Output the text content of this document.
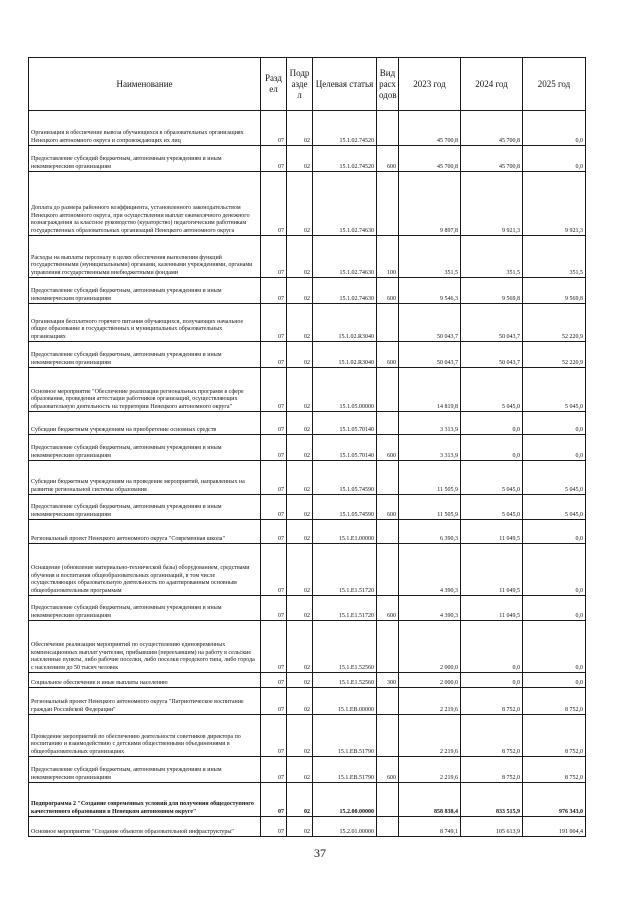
Наименование	Разд ел	Подр азде л	Целевая статья	Вид расх одов	2023 год	2024 год	2025 год
Организация и обеспечение вывоза обучающихся в образовательных организациях Ненецкого автономного округа и сопровождающих их лиц	07	02	15.1.02.74520		45 700,8	45 700,8	0,0
Предоставление субсидий бюджетным, автономным учреждениям и иным некоммерческим организациям	07	02	15.1.02.74520	600	45 700,8	45 700,8	0,0
Доплата до размера районного коэффициента, установленного законодательством Ненецкого автономного округа, при осуществлении выплат ежемесячного денежного вознаграждения за классное руководство (кураторство) педагогическим работникам государственных образовательных организаций Ненецкого автономного округа	07	02	15.1.02.74630		9 897,8	9 921,3	9 921,3
Расходы на выплаты персоналу в целях обеспечения выполнения функций государственными (муниципальными) органами, казенными учреждениями, органами управления государственными внебюджетными фондами	07	02	15.1.02.74630	100	351,5	351,5	351,5
Предоставление субсидий бюджетным, автономным учреждениям и иным некоммерческим организациям	07	02	15.1.02.74630	600	9 546,3	9 569,8	9 569,8
Организация бесплатного горячего питания обучающихся, получающих начальное общее образование в государственных и муниципальных образовательных организациях	07	02	15.1.02.R3040		50 043,7	50 043,7	52 220,9
Предоставление субсидий бюджетным, автономным учреждениям и иным некоммерческим организациям	07	02	15.1.02.R3040	600	50 043,7	50 043,7	52 220,9
Основное мероприятие "Обеспечение реализации региональных программ в сфере образования, проведения аттестации работников организаций, осуществляющих образовательную деятельность на территории Ненецкого автономного округа"	07	02	15.1.05.00000		14 819,8	5 045,0	5 045,0
Субсидии бюджетным учреждениям на приобретение основных средств	07	02	15.1.05.70140		3 313,9	0,0	0,0
Предоставление субсидий бюджетным, автономным учреждениям и иным некоммерческим организациям	07	02	15.1.05.70140	600	3 313,9	0,0	0,0
Субсидии бюджетным учреждениям на проведение мероприятий, направленных на развитие региональной системы образования	07	02	15.1.05.74590		11 505,9	5 045,0	5 045,0
Предоставление субсидий бюджетным, автономным учреждениям и иным некоммерческим организациям	07	02	15.1.05.74590	600	11 505,9	5 045,0	5 045,0
Региональный проект Ненецкого автономного округа "Современная школа"	07	02	15.1.E1.00000		6 390,3	11 049,5	0,0
Оснащение (обновление материально-технической базы) оборудованием, средствами обучения и воспитания общеобразовательных организаций, в том числе осуществляющих образовательную деятельность по адаптированным основным общеобразовательным программам	07	02	15.1.E1.51720		4 390,3	11 049,5	0,0
Предоставление субсидий бюджетным, автономным учреждениям и иным некоммерческим организациям	07	02	15.1.E1.51720	600	4 390,3	11 049,5	0,0
Обеспечение реализации мероприятий по осуществлению единовременных компенсационных выплат учителям, прибывшим (переехавшим) на работу в сельские населенные пункты, либо рабочие поселки, либо поселки городского типа, либо города с населением до 50 тысяч человек	07	02	15.1.E1.52560		2 000,0	0,0	0,0
Социальное обеспечение и иные выплаты населению	07	02	15.1.E1.52560	300	2 000,0	0,0	0,0
Региональный проект Ненецкого автономного округа "Патриотическое воспитание граждан Российской Федерации"	07	02	15.1.EB.00000		2 219,6	8 752,0	8 752,0
Проведение мероприятий по обеспечению деятельности советников директора по воспитанию и взаимодействию с детскими общественными объединениями в общеобразовательных организациях	07	02	15.1.EB.51790		2 219,6	8 752,0	8 752,0
Предоставление субсидий бюджетным, автономным учреждениям и иным некоммерческим организациям	07	02	15.1.EB.51790	600	2 219,6	8 752,0	8 752,0
Подпрограмма 2 "Создание современных условий для получения общедоступного качественного образования в Ненецком автономном округе"	07	02	15.2.00.00000		858 838,4	833 515,9	976 343,0
Основное мероприятие "Создание объектов образовательной инфраструктуры"	07	02	15.2.01.00000		8 749,1	105 613,9	191 004,4
37
